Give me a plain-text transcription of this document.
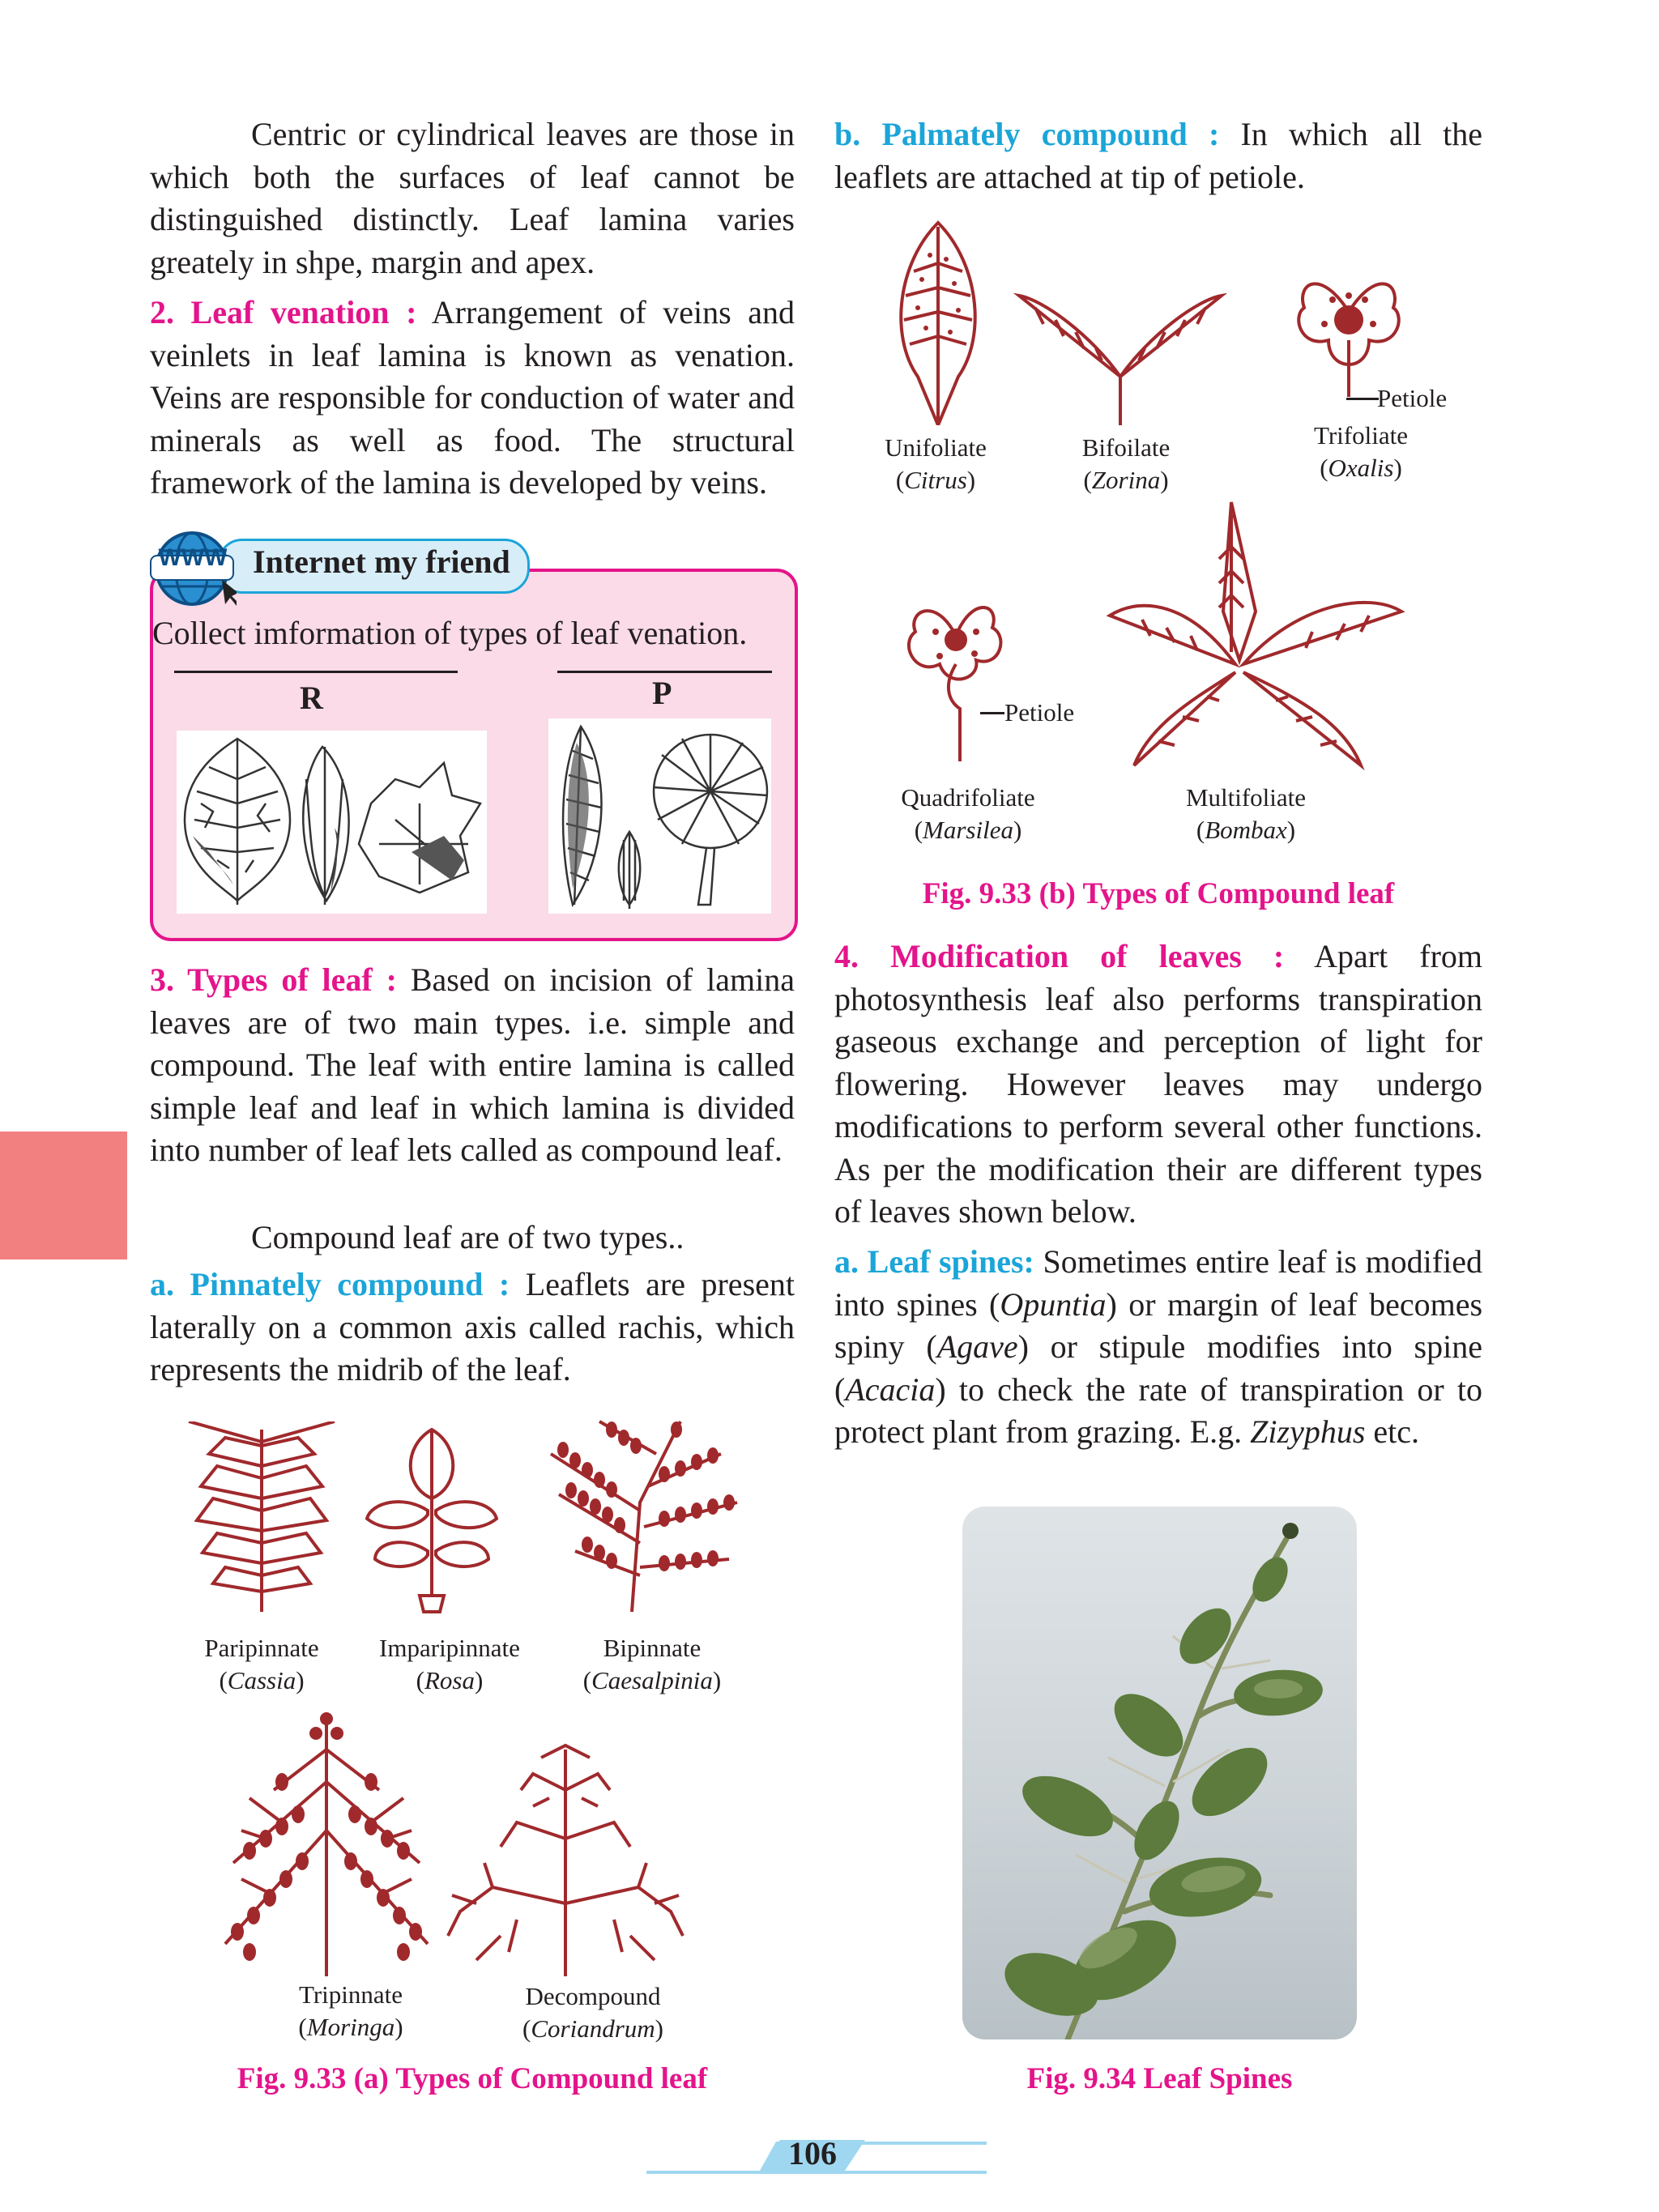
Centric or cylindrical leaves are those in which both the surfaces of leaf cannot be distinguished distinctly. Leaf lamina varies greately in shpe, margin and apex.

2. Leaf venation : Arrangement of veins and veinlets in leaf lamina is known as venation. Veins are responsible for conduction of water and minerals as well as food. The structural framework of the lamina is developed by veins.

WWW Internet my friend
Collect imformation of types of leaf venation.
R	P

3. Types of leaf : Based on incision of lamina leaves are of two main types. i.e. simple and compound. The leaf with entire lamina is called simple leaf and leaf in which lamina is divided into number of leaf lets called as compound leaf.

Compound leaf are of two types..

a. Pinnately compound : Leaflets are present laterally on a common axis called rachis, which represents the midrib of the leaf.

Paripinnate
(Cassia)
Imparipinnate
(Rosa)
Bipinnate
(Caesalpinia)
Tripinnate
(Moringa)
Decompound
(Coriandrum)
Fig. 9.33 (a) Types of Compound leaf

b. Palmately compound : In which all the leaflets are attached at tip of petiole.

Petiole
Unifoliate
(Citrus)
Bifoilate
(Zorina)
Trifoliate
(Oxalis)
Petiole
Quadrifoliate
(Marsilea)
Multifoliate
(Bombax)
Fig. 9.33 (b) Types of Compound leaf

4. Modification of leaves : Apart from photosynthesis leaf also performs transpiration gaseous exchange and perception of light for flowering. However leaves may undergo modifications to perform several other functions. As per the modification their are different types of leaves shown below.

a. Leaf spines: Sometimes entire leaf is modified into spines (Opuntia) or margin of leaf becomes spiny (Agave) or stipule modifies into spine (Acacia) to check the rate of transpiration or to protect plant from grazing. E.g. Zizyphus etc.

Fig. 9.34 Leaf Spines
106
